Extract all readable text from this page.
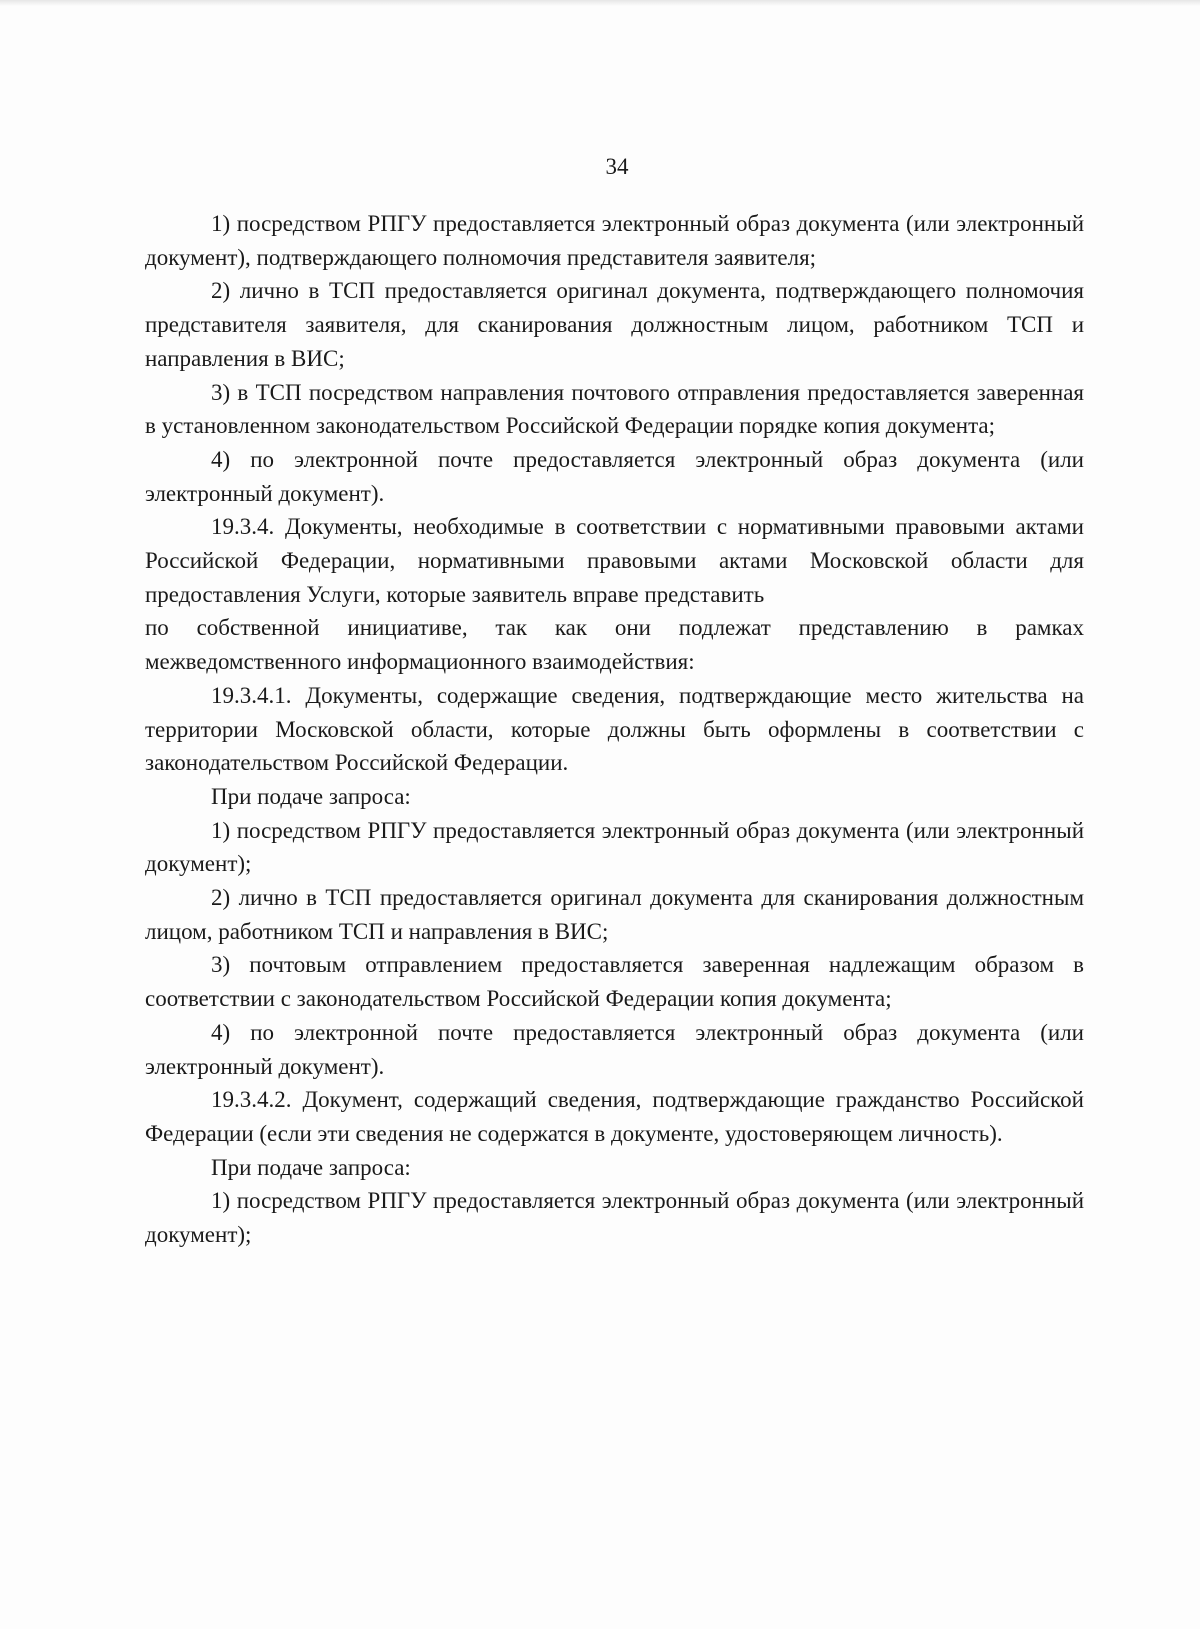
34

1) посредством РПГУ предоставляется электронный образ документа (или электронный документ), подтверждающего полномочия представителя заявителя;

2) лично в ТСП предоставляется оригинал документа, подтверждающего полномочия представителя заявителя, для сканирования должностным лицом, работником ТСП и направления в ВИС;

3) в ТСП посредством направления почтового отправления предоставляется заверенная в установленном законодательством Российской Федерации порядке копия документа;

4) по электронной почте предоставляется электронный образ документа (или электронный документ).

19.3.4. Документы, необходимые в соответствии с нормативными правовыми актами Российской Федерации, нормативными правовыми актами Московской области для предоставления Услуги, которые заявитель вправе представить

по собственной инициативе, так как они подлежат представлению в рамках межведомственного информационного взаимодействия:

19.3.4.1. Документы, содержащие сведения, подтверждающие место жительства на территории Московской области, которые должны быть оформлены в соответствии с законодательством Российской Федерации.

При подаче запроса:

1) посредством РПГУ предоставляется электронный образ документа (или электронный документ);

2) лично в ТСП предоставляется оригинал документа для сканирования должностным лицом, работником ТСП и направления в ВИС;

3) почтовым отправлением предоставляется заверенная надлежащим образом в соответствии с законодательством Российской Федерации копия документа;

4) по электронной почте предоставляется электронный образ документа (или электронный документ).

19.3.4.2. Документ, содержащий сведения, подтверждающие гражданство Российской Федерации (если эти сведения не содержатся в документе, удостоверяющем личность).

При подаче запроса:

1) посредством РПГУ предоставляется электронный образ документа (или электронный документ);
